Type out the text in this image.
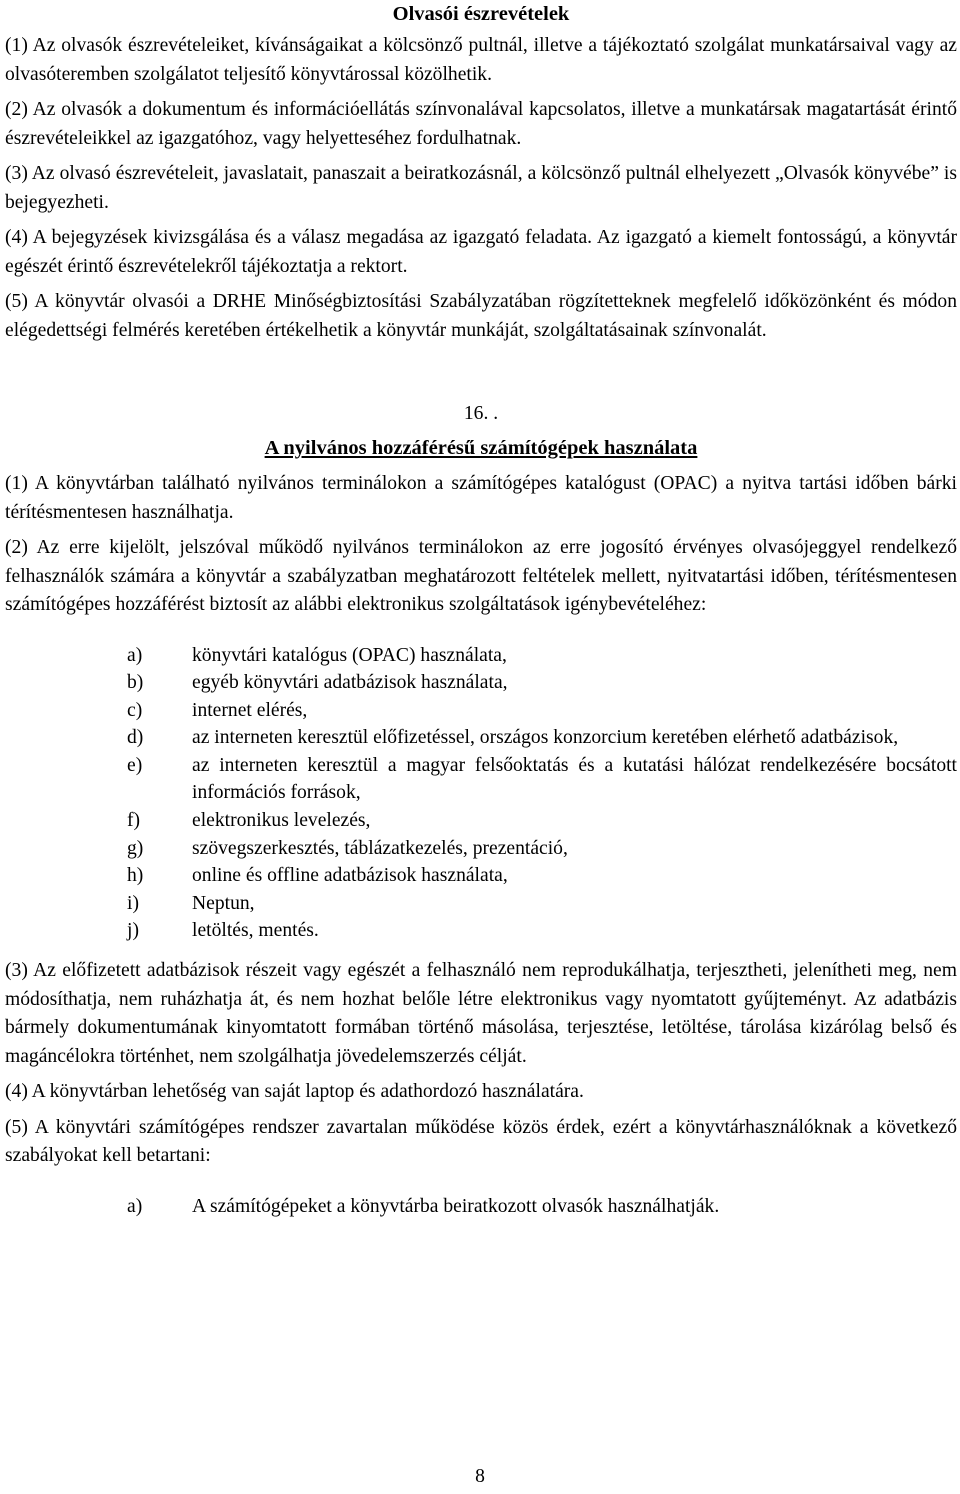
Olvasói észrevételek

(1) Az olvasók észrevételeiket, kívánságaikat a kölcsönző pultnál, illetve a tájékoztató szolgálat munkatársaival vagy az olvasóteremben szolgálatot teljesítő könyvtárossal közölhetik.

(2) Az olvasók a dokumentum és információellátás színvonalával kapcsolatos, illetve a munkatársak magatartását érintő észrevételeikkel az igazgatóhoz, vagy helyetteséhez fordulhatnak.

(3) Az olvasó észrevételeit, javaslatait, panaszait a beiratkozásnál, a kölcsönző pultnál elhelyezett „Olvasók könyvébe” is bejegyezheti.

(4) A bejegyzések kivizsgálása és a válasz megadása az igazgató feladata. Az igazgató a kiemelt fontosságú, a könyvtár egészét érintő észrevételekről tájékoztatja a rektort.

(5) A könyvtár olvasói a DRHE Minőségbiztosítási Szabályzatában rögzítetteknek megfelelő időközönként és módon elégedettségi felmérés keretében értékelhetik a könyvtár munkáját, szolgáltatásainak színvonalát.

16. .

A nyilvános hozzáférésű számítógépek használata

(1) A könyvtárban található nyilvános terminálokon a számítógépes katalógust (OPAC) a nyitva tartási időben bárki térítésmentesen használhatja.

(2) Az erre kijelölt, jelszóval működő nyilvános terminálokon az erre jogosító érvényes olvasójeggyel rendelkező felhasználók számára a könyvtár a szabályzatban meghatározott feltételek mellett, nyitvatartási időben, térítésmentesen számítógépes hozzáférést biztosít az alábbi elektronikus szolgáltatások igénybevételéhez:

a)	könyvtári katalógus (OPAC) használata,
b) egyéb könyvtári adatbázisok használata,
c)	internet elérés,
d) az interneten keresztül előfizetéssel, országos konzorcium keretében elérhető adatbázisok,
e)	az interneten keresztül a magyar felsőoktatás és a kutatási hálózat rendelkezésére bocsátott információs források,
f)	elektronikus levelezés,
g) szövegszerkesztés, táblázatkezelés, prezentáció,
h) online és offline adatbázisok használata,
i)	Neptun,
j)	letöltés, mentés.

(3) Az előfizetett adatbázisok részeit vagy egészét a felhasználó nem reprodukálhatja, terjesztheti, jelenítheti meg, nem módosíthatja, nem ruházhatja át, és nem hozhat belőle létre elektronikus vagy nyomtatott gyűjteményt. Az adatbázis bármely dokumentumának kinyomtatott formában történő másolása, terjesztése, letöltése, tárolása kizárólag belső és magáncélokra történhet, nem szolgálhatja jövedelemszerzés célját.

(4) A könyvtárban lehetőség van saját laptop és adathordozó használatára.

(5) A könyvtári számítógépes rendszer zavartalan működése közös érdek, ezért a könyvtárhasználóknak a következő szabályokat kell betartani:

a)	A számítógépeket a könyvtárba beiratkozott olvasók használhatják.
8
